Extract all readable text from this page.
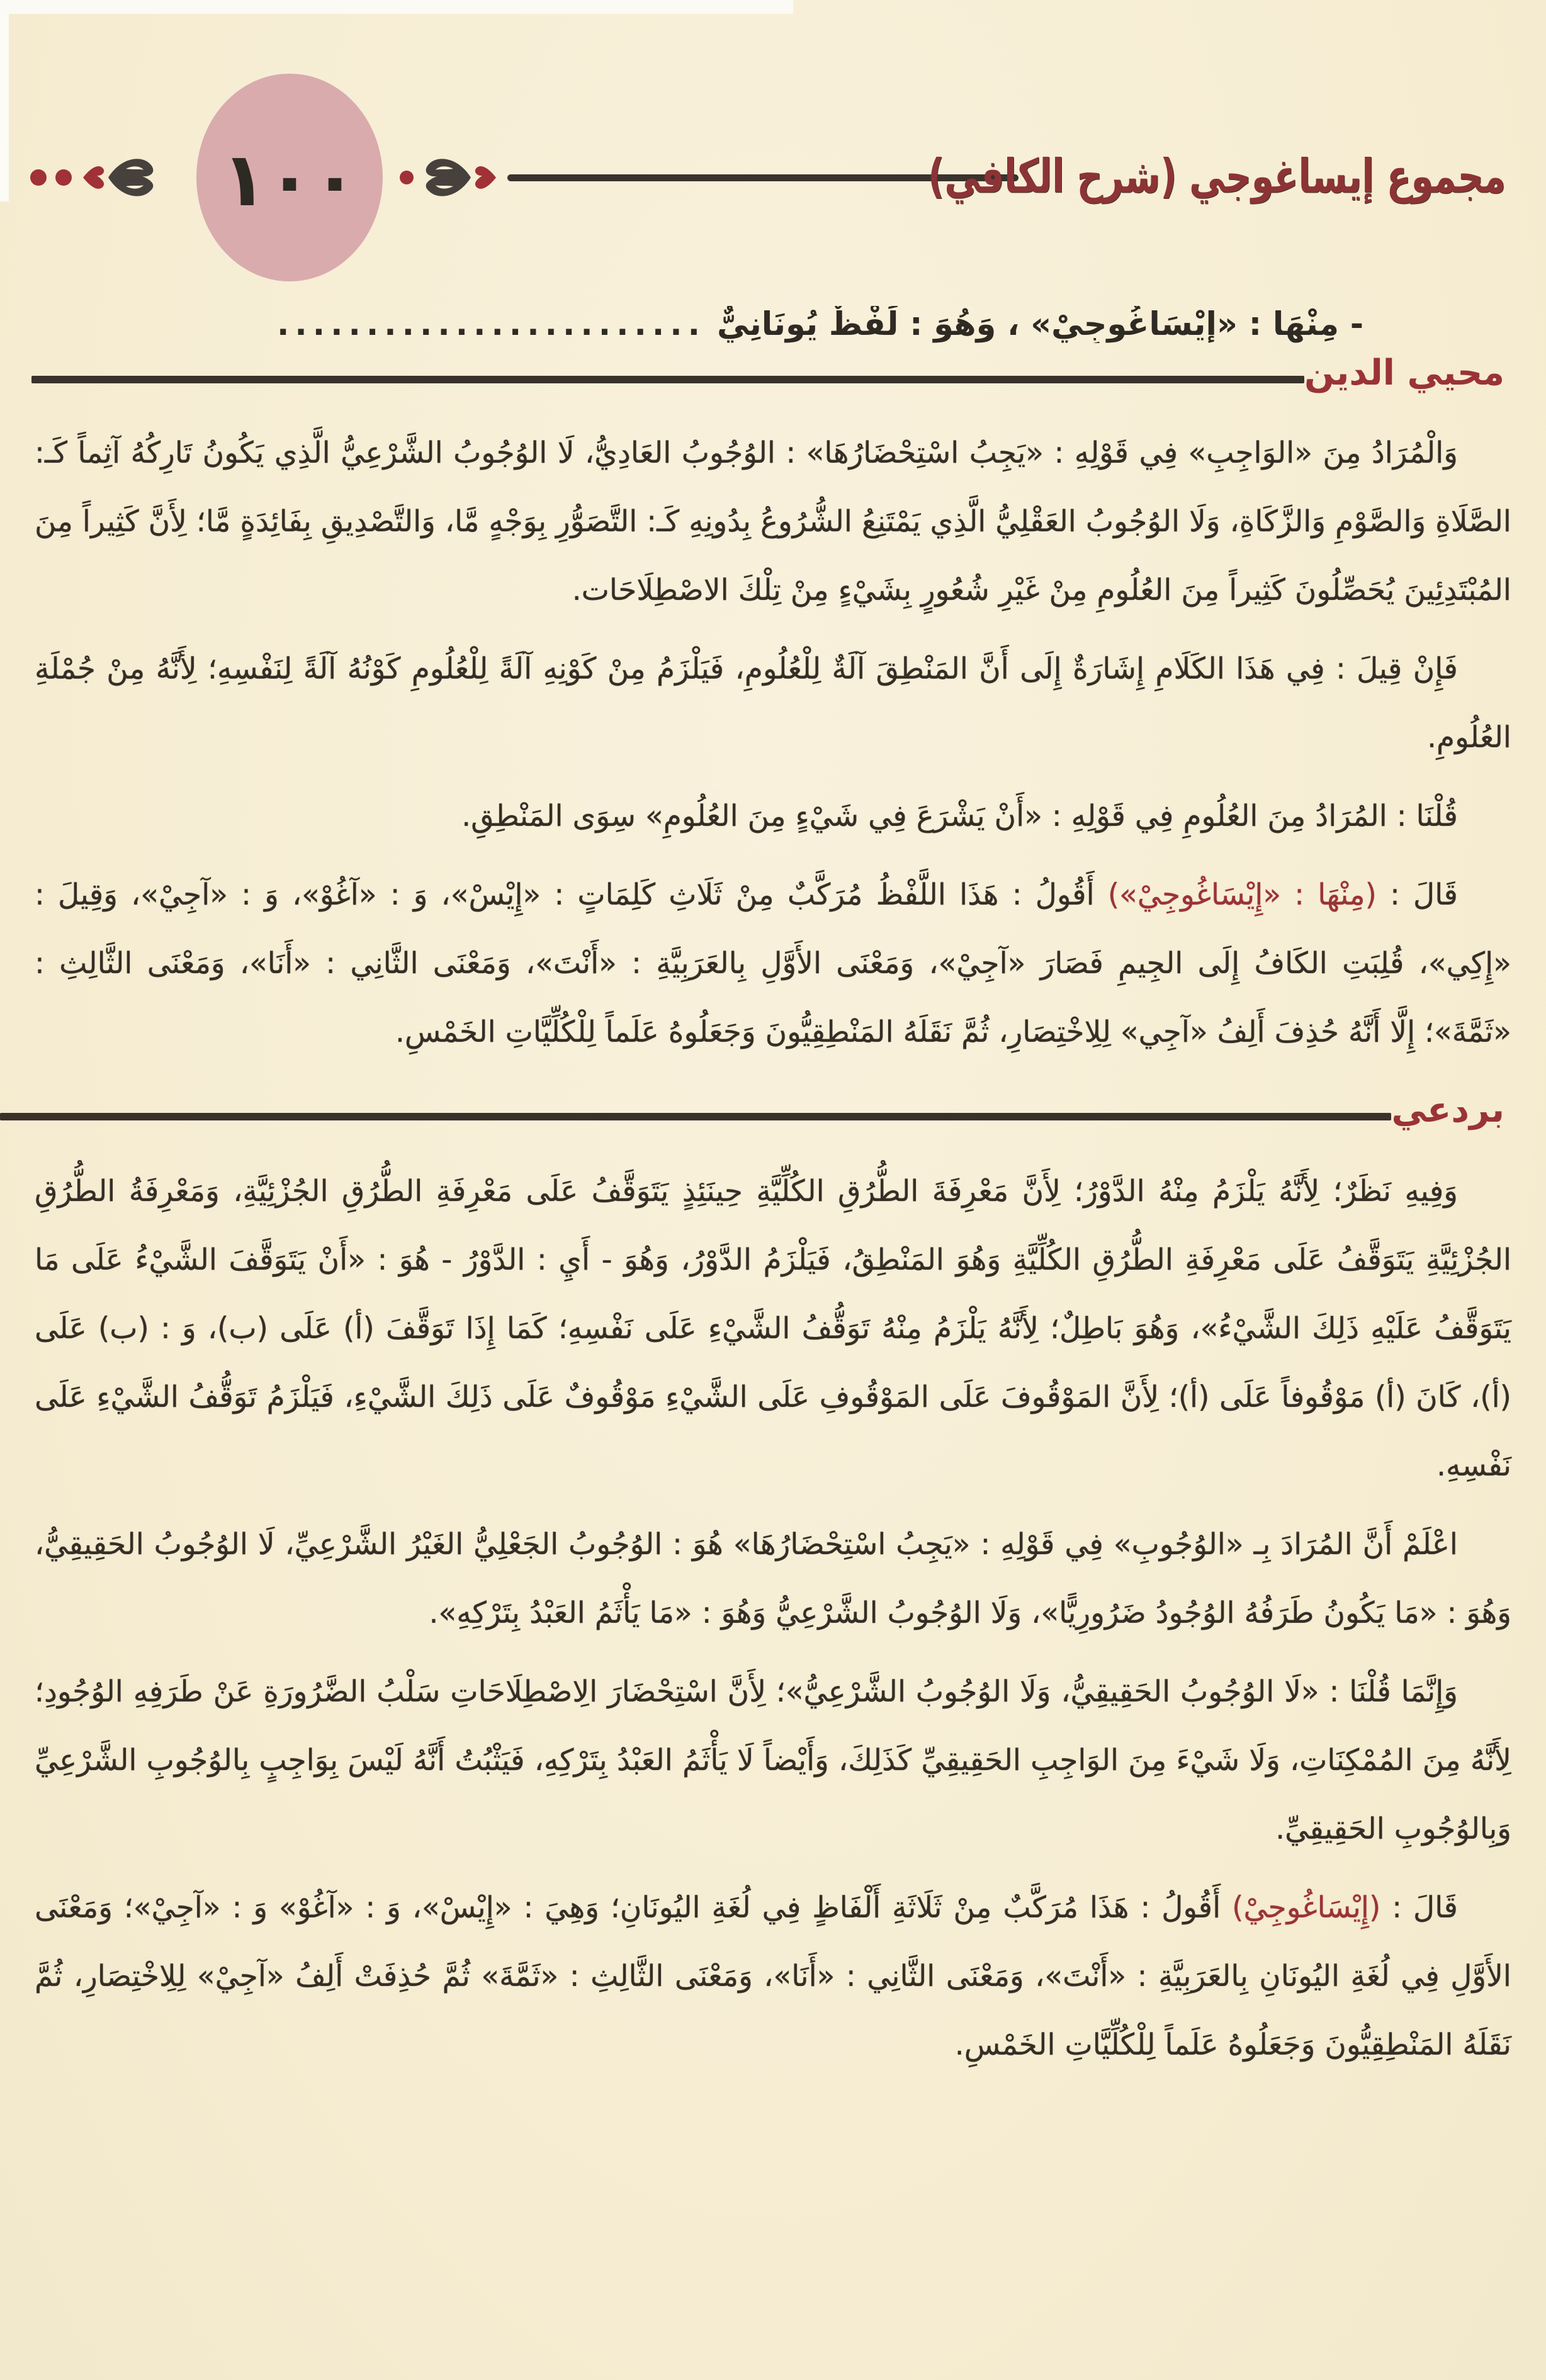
مجموع إيساغوجي (شرح الكافي)
١٠٠
- مِنْهَا : «إِيْسَاغُوجِيْ» ، وَهُوَ : لَفْظٌ يُونَانِيٌّ
........................
محيي الدين

وَالْمُرَادُ مِنَ «الوَاجِبِ» فِي قَوْلِهِ : «يَجِبُ اسْتِحْضَارُهَا» : الوُجُوبُ العَادِيُّ، لَا الوُجُوبُ الشَّرْعِيُّ الَّذِي يَكُونُ تَارِكُهُ آثِماً كَـ: الصَّلَاةِ وَالصَّوْمِ وَالزَّكَاةِ، وَلَا الوُجُوبُ العَقْلِيُّ الَّذِي يَمْتَنِعُ الشُّرُوعُ بِدُونِهِ كَـ: التَّصَوُّرِ بِوَجْهٍ مَّا، وَالتَّصْدِيقِ بِفَائِدَةٍ مَّا؛ لِأَنَّ كَثِيراً مِنَ المُبْتَدِئِينَ يُحَصِّلُونَ كَثِيراً مِنَ العُلُومِ مِنْ غَيْرِ شُعُورٍ بِشَيْءٍ مِنْ تِلْكَ الاصْطِلَاحَات.

فَإِنْ قِيلَ : فِي هَذَا الكَلَامِ إِشَارَةٌ إِلَى أَنَّ المَنْطِقَ آلَةٌ لِلْعُلُومِ، فَيَلْزَمُ مِنْ كَوْنِهِ آلَةً لِلْعُلُومِ كَوْنُهُ آلَةً لِنَفْسِهِ؛ لِأَنَّهُ مِنْ جُمْلَةِ العُلُومِ.

قُلْنَا : المُرَادُ مِنَ العُلُومِ فِي قَوْلِهِ : «أَنْ يَشْرَعَ فِي شَيْءٍ مِنَ العُلُومِ» سِوَى المَنْطِقِ.

قَالَ : (مِنْهَا : «إِيْسَاغُوجِيْ») أَقُولُ : هَذَا اللَّفْظُ مُرَكَّبٌ مِنْ ثَلَاثِ كَلِمَاتٍ : «إِيْسْ»، وَ : «آغُوْ»، وَ : «آجِيْ»، وَقِيلَ : «إِكِي»، قُلِبَتِ الكَافُ إِلَى الجِيمِ فَصَارَ «آجِيْ»، وَمَعْنَى الأَوَّلِ بِالعَرَبِيَّةِ : «أَنْتَ»، وَمَعْنَى الثَّانِي : «أَنَا»، وَمَعْنَى الثَّالِثِ : «ثَمَّةَ»؛ إِلَّا أَنَّهُ حُذِفَ أَلِفُ «آجِي» لِلِاخْتِصَارِ، ثُمَّ نَقَلَهُ المَنْطِقِيُّونَ وَجَعَلُوهُ عَلَماً لِلْكُلِّيَّاتِ الخَمْسِ.

بردعي

وَفِيهِ نَظَرٌ؛ لِأَنَّهُ يَلْزَمُ مِنْهُ الدَّوْرُ؛ لِأَنَّ مَعْرِفَةَ الطُّرُقِ الكُلِّيَّةِ حِينَئِذٍ يَتَوَقَّفُ عَلَى مَعْرِفَةِ الطُّرُقِ الجُزْئِيَّةِ، وَمَعْرِفَةُ الطُّرُقِ الجُزْئِيَّةِ يَتَوَقَّفُ عَلَى مَعْرِفَةِ الطُّرُقِ الكُلِّيَّةِ وَهُوَ المَنْطِقُ، فَيَلْزَمُ الدَّوْرُ، وَهُوَ - أَيِ : الدَّوْرُ - هُوَ : «أَنْ يَتَوَقَّفَ الشَّيْءُ عَلَى مَا يَتَوَقَّفُ عَلَيْهِ ذَلِكَ الشَّيْءُ»، وَهُوَ بَاطِلٌ؛ لِأَنَّهُ يَلْزَمُ مِنْهُ تَوَقُّفُ الشَّيْءِ عَلَى نَفْسِهِ؛ كَمَا إِذَا تَوَقَّفَ (أ) عَلَى (ب)، وَ : (ب) عَلَى (أ)، كَانَ (أ) مَوْقُوفاً عَلَى (أ)؛ لِأَنَّ المَوْقُوفَ عَلَى المَوْقُوفِ عَلَى الشَّيْءِ مَوْقُوفٌ عَلَى ذَلِكَ الشَّيْءِ، فَيَلْزَمُ تَوَقُّفُ الشَّيْءِ عَلَى نَفْسِهِ.

اعْلَمْ أَنَّ المُرَادَ بِـ «الوُجُوبِ» فِي قَوْلِهِ : «يَجِبُ اسْتِحْضَارُهَا» هُوَ : الوُجُوبُ الجَعْلِيُّ الغَيْرُ الشَّرْعِيِّ، لَا الوُجُوبُ الحَقِيقِيُّ، وَهُوَ : «مَا يَكُونُ طَرَفُهُ الوُجُودُ ضَرُورِيًّا»، وَلَا الوُجُوبُ الشَّرْعِيُّ وَهُوَ : «مَا يَأْثَمُ العَبْدُ بِتَرْكِهِ».

وَإِنَّمَا قُلْنَا : «لَا الوُجُوبُ الحَقِيقِيُّ، وَلَا الوُجُوبُ الشَّرْعِيُّ»؛ لِأَنَّ اسْتِحْضَارَ الِاصْطِلَاحَاتِ سَلْبُ الضَّرُورَةِ عَنْ طَرَفِهِ الوُجُودِ؛ لِأَنَّهُ مِنَ المُمْكِنَاتِ، وَلَا شَيْءَ مِنَ الوَاجِبِ الحَقِيقِيِّ كَذَلِكَ، وَأَيْضاً لَا يَأْثَمُ العَبْدُ بِتَرْكِهِ، فَيَثْبُتُ أَنَّهُ لَيْسَ بِوَاجِبٍ بِالوُجُوبِ الشَّرْعِيِّ وَبِالوُجُوبِ الحَقِيقِيِّ.

قَالَ : (إِيْسَاغُوجِيْ) أَقُولُ : هَذَا مُرَكَّبٌ مِنْ ثَلَاثَةِ أَلْفَاظٍ فِي لُغَةِ اليُونَانِ؛ وَهِيَ : «إِيْسْ»، وَ : «آغُوْ» وَ : «آجِيْ»؛ وَمَعْنَى الأَوَّلِ فِي لُغَةِ اليُونَانِ بِالعَرَبِيَّةِ : «أَنْتَ»، وَمَعْنَى الثَّانِي : «أَنَا»، وَمَعْنَى الثَّالِثِ : «ثَمَّةَ» ثُمَّ حُذِفَتْ أَلِفُ «آجِيْ» لِلِاخْتِصَارِ، ثُمَّ نَقَلَهُ المَنْطِقِيُّونَ وَجَعَلُوهُ عَلَماً لِلْكُلِّيَّاتِ الخَمْسِ.
